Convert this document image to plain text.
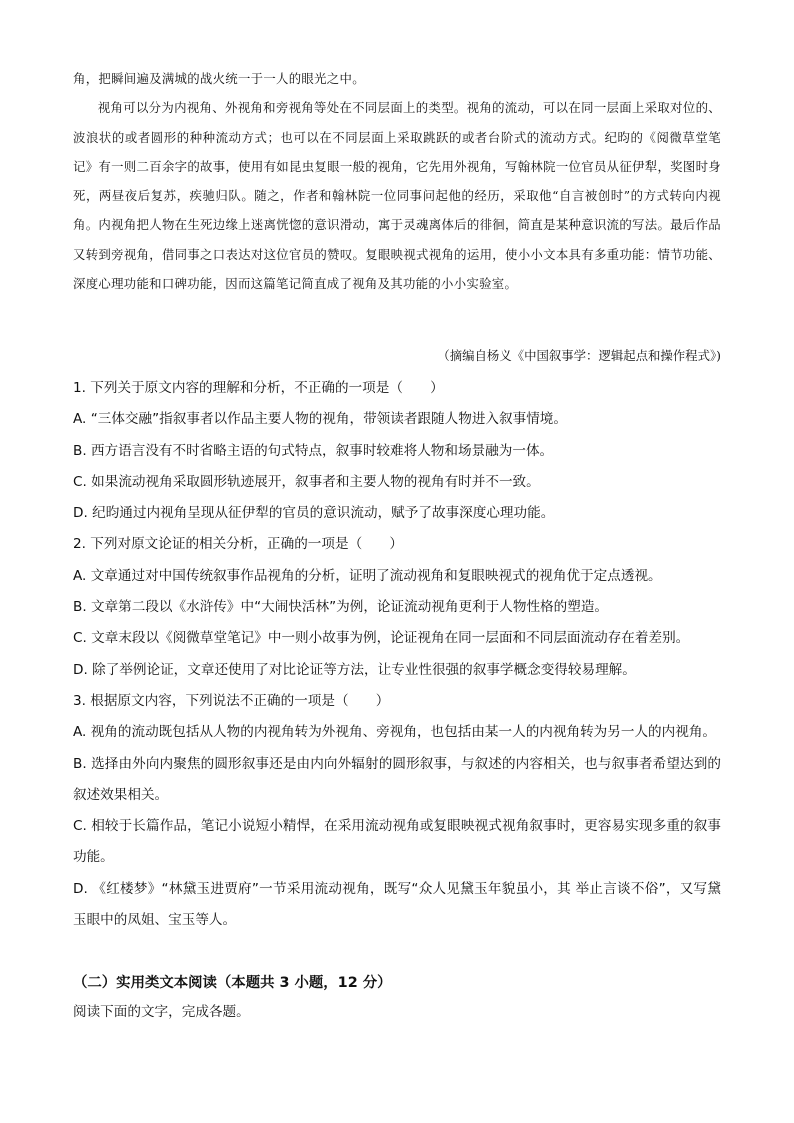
角，把瞬间遍及满城的战火统一于一人的眼光之中。

视角可以分为内视角、外视角和旁视角等处在不同层面上的类型。视角的流动，可以在同一层面上采取对位的、波浪状的或者圆形的种种流动方式；也可以在不同层面上采取跳跃的或者台阶式的流动方式。纪昀的《阅微草堂笔记》有一则二百余字的故事，使用有如昆虫复眼一般的视角，它先用外视角，写翰林院一位官员从征伊犁，奖图时身死，两昼夜后复苏，疾驰归队。随之，作者和翰林院一位同事问起他的经历，采取他“自言被创时”的方式转向内视角。内视角把人物在生死边缘上迷离恍惚的意识滑动，寓于灵魂离体后的徘徊，简直是某种意识流的写法。最后作品又转到旁视角，借同事之口表达对这位官员的赞叹。复眼映视式视角的运用，使小小文本具有多重功能：情节功能、深度心理功能和口碑功能，因而这篇笔记简直成了视角及其功能的小小实验室。

（摘编自杨义《中国叙事学：逻辑起点和操作程式》)
1. 下列关于原文内容的理解和分析，不正确的一项是（　　）
A. “三体交融”指叙事者以作品主要人物的视角，带领读者跟随人物进入叙事情境。
B. 西方语言没有不时省略主语的句式特点，叙事时较难将人物和场景融为一体。
C. 如果流动视角采取圆形轨迹展开，叙事者和主要人物的视角有时并不一致。
D. 纪昀通过内视角呈现从征伊犁的官员的意识流动，赋予了故事深度心理功能。
2. 下列对原文论证的相关分析，正确的一项是（　　）
A. 文章通过对中国传统叙事作品视角的分析，证明了流动视角和复眼映视式的视角优于定点透视。
B. 文章第二段以《水浒传》中“大闹快活林”为例，论证流动视角更利于人物性格的塑造。
C. 文章末段以《阅微草堂笔记》中一则小故事为例，论证视角在同一层面和不同层面流动存在着差别。
D. 除了举例论证，文章还使用了对比论证等方法，让专业性很强的叙事学概念变得较易理解。
3. 根据原文内容，下列说法不正确的一项是（　　）
A. 视角的流动既包括从人物的内视角转为外视角、旁视角，也包括由某一人的内视角转为另一人的内视角。
B. 选择由外向内聚焦的圆形叙事还是由内向外辐射的圆形叙事，与叙述的内容相关，也与叙事者希望达到的叙述效果相关。
C. 相较于长篇作品，笔记小说短小精悍，在采用流动视角或复眼映视式视角叙事时，更容易实现多重的叙事功能。
D. 《红楼梦》“林黛玉进贾府”一节采用流动视角，既写“众人见黛玉年貌虽小，其 举止言谈不俗”，又写黛玉眼中的凤姐、宝玉等人。
（二）实用类文本阅读（本题共 3 小题，12 分）
阅读下面的文字，完成各题。
